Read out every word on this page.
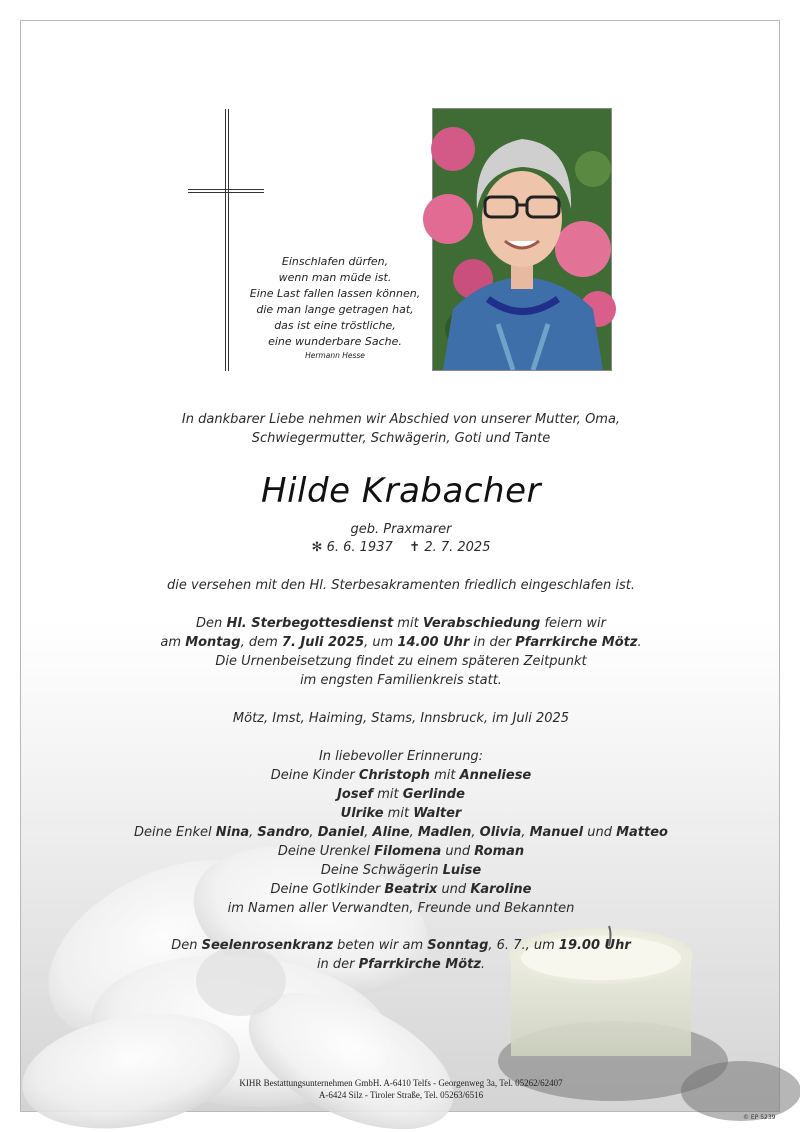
Einschlafen dürfen,
wenn man müde ist.
Eine Last fallen lassen können,
die man lange getragen hat,
das ist eine tröstliche,
eine wunderbare Sache.
Hermann Hesse
In dankbarer Liebe nehmen wir Abschied von unserer Mutter, Oma,
Schwiegermutter, Schwägerin, Goti und Tante
Hilde Krabacher
geb. Praxmarer
✻ 6. 6. 1937 ✝ 2. 7. 2025
die versehen mit den Hl. Sterbesakramenten friedlich eingeschlafen ist.
Den Hl. Sterbegottesdienst mit Verabschiedung feiern wir
am Montag, dem 7. Juli 2025, um 14.00 Uhr in der Pfarrkirche Mötz.
Die Urnenbeisetzung findet zu einem späteren Zeitpunkt
im engsten Familienkreis statt.
Mötz, Imst, Haiming, Stams, Innsbruck, im Juli 2025
In liebevoller Erinnerung:
Deine Kinder Christoph mit Anneliese
Josef mit Gerlinde
Ulrike mit Walter
Deine Enkel Nina, Sandro, Daniel, Aline, Madlen, Olivia, Manuel und Matteo
Deine Urenkel Filomena und Roman
Deine Schwägerin Luise
Deine Gotlkinder Beatrix und Karoline
im Namen aller Verwandten, Freunde und Bekannten
Den Seelenrosenkranz beten wir am Sonntag, 6. 7., um 19.00 Uhr
in der Pfarrkirche Mötz.
KIHR Bestattungsunternehmen GmbH. A-6410 Telfs - Georgenweg 3a, Tel. 05262/62407
A-6424 Silz - Tiroler Straße, Tel. 05263/6516
© EP 5239
